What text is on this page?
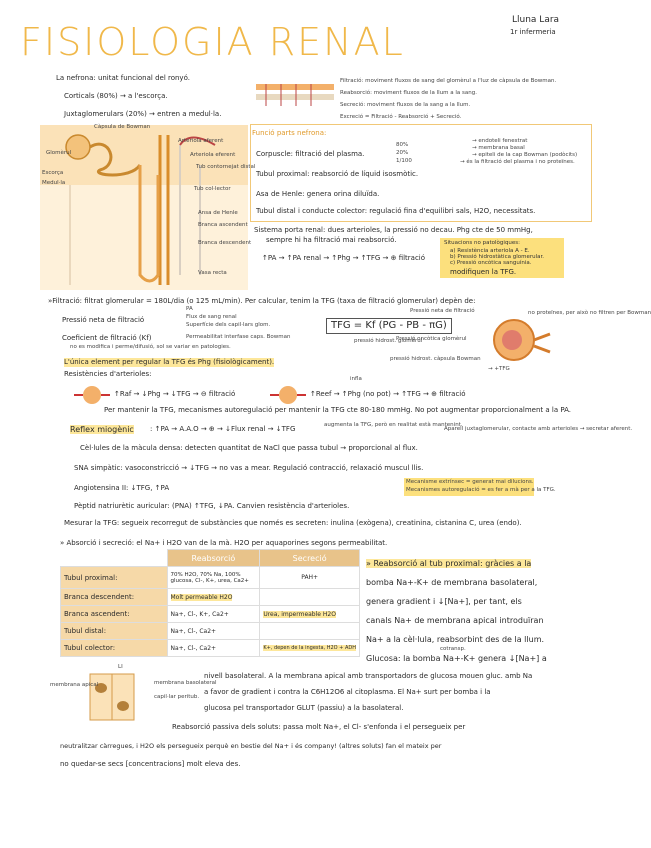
FISIOLOGIA RENAL	Lluna Lara
1r infermeria
La nefrona: unitat funcional del ronyó.
Corticals (80%) → a l'escorça.
Juxtaglomerulars (20%) → entren a medul·la.
Càpsula de Bowman
Glomèrul
Escorça
Medul·la
Arteriola aferent
Arteriola eferent
Tub contornejat distal
Tub col·lector
Ansa de Henle
Branca ascendent
Branca descendent
Vasa recta
Filtració: moviment fluxos de sang del glomèrul a l'luz de càpsula de Bowman.
Reabsorció: moviment fluxos de la llum a la sang.
Secreció: moviment fluxos de la sang a la llum.
Excreció = Filtració - Reabsorció + Secreció.
Funció parts nefrona:
Corpuscle: filtració del plasma.
Tubul proximal: reabsorció de líquid isosmòtic.
Asa de Henle: genera orina diluïda.
Tubul distal i conducte colector: regulació fina d'equilibri sals, H2O, necessitats.
80%
20%
1/100
→ endoteli fenestrat
→ membrana basal
→ epiteli de la cap Bowman (podòcits)
→ és la filtració del plasma i no proteïnes.
Sistema porta renal: dues arterioles, la pressió no decau. Phg cte de 50 mmHg,
sempre hi ha filtració mai reabsorció.
↑PA → ↑PA renal → ↑Phg → ↑TFG → ⊕ filtració
Situacions no patològiques:
a) Resistència arteriola A - E.
b) Pressió hidrostàtica glomerular.
c) Pressió oncòtica sanguínia.
modifiquen la TFG.
»Filtració: filtrat glomerular = 180L/dia (o 125 mL/min). Per calcular, tenim la TFG (taxa de filtració glomerular) depèn de:
Pressió neta de filtració
PA
Flux de sang renal
Superfície dels capil·lars glom.
Coeficient de filtració (Kf)	Permeabilitat interfase caps. Bowman
no es modifica i perme/difusió, sol se variar en patologies.
TFG = Kf (PG - PB - πG)
Pressió neta de filtració
pressió hidrost. glomèrul
Pressió oncòtica glomèrul
pressió hidrost. càpsula Bowman
→ +TFG
no proteïnes, per això no filtren per Bowman
L'única element per regular la TFG és Phg (fisiològicament).
Resistències d'arterioles:
↑Raf → ↓Phg → ↓TFG → ⊖ filtració
infla
↑Reef → ↑Phg (no pot) → ↑TFG → ⊕ filtració
Per mantenir la TFG, mecanismes autoregulació per mantenir la TFG cte 80-180 mmHg. No pot augmentar proporcionalment a la PA.
Reflex miogènic : ↑PA → A.A.O → ⊕ → ↓Flux renal → ↓TFG	augmenta la TFG, però en realitat està mantenint.
Aparell juxtaglomerular, contacte amb arterioles → secretar aferent.
Cèl·lules de la màcula densa: detecten quantitat de NaCl que passa tubul → proporcional al flux.
SNA simpàtic: vasoconstricció → ↓TFG → no vas a mear. Regulació contracció, relaxació muscul llis.
Angiotensina II: ↓TFG, ↑PA
Mecanisme extrínsec = generat mai dilucions.
Mecanismes autoregulació = es fer a mà per a la TFG.
Pèptid natriurètic auricular: (PNA) ↑TFG, ↓PA. Canvien resistència d'arterioles.
Mesurar la TFG: segueix recorregut de substàncies que només es secreten: inulina (exògena), creatinina, cistanina C, urea (endo).
» Absorció i secreció: el Na+ i H2O van de la mà. H2O per aquaporines segons permeabilitat.
	Reabsorció	Secreció
Tubul proximal:	70% H2O, 70% Na, 100% glucosa, Cl-, K+, urea, Ca2+	PAH+
Branca descendent:	Molt permeable H2O	
Branca ascendent:	Na+, Cl-, K+, Ca2+	Urea, impermeable H2O
Tubul distal:	Na+, Cl-, Ca2+	
Tubul colector:	Na+, Cl-, Ca2+	K+, depen de la ingesta, H2O + ADH
» Reabsorció al tub proximal: gràcies a la
bomba Na+-K+ de membrana basolateral,
genera gradient i ↓[Na+], per tant, els
canals Na+ de membrana apical introduïran
Na+ a la cèl·lula, reabsorbint des de la llum.
cotransp.
Glucosa: la bomba Na+-K+ genera ↓[Na+] a
membrana apical
LI
membrana basolateral
capil·lar peritub.
nivell basolateral. A la membrana apical amb transportadors de glucosa mouen gluc. amb Na
a favor de gradient i contra la C6H12O6 al citoplasma. El Na+ surt per bomba i la
glucosa pel transportador GLUT (passiu) a la basolateral.
Reabsorció passiva dels soluts: passa molt Na+, el Cl- s'enfonda i el persegueix per
neutralitzar càrregues, i H2O els persegueix perquè en bestie del Na+ i és company! (altres soluts) fan el mateix per
no quedar-se secs [concentracions] molt eleva des.
